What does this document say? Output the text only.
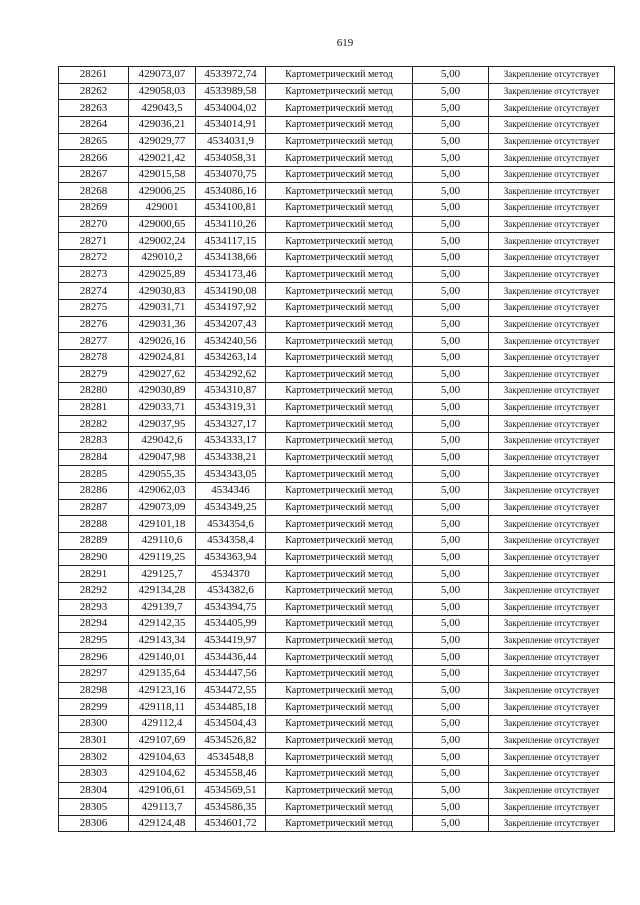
619
28261	429073,07	4533972,74	Картометрический метод	5,00	Закрепление отсутствует
28262	429058,03	4533989,58	Картометрический метод	5,00	Закрепление отсутствует
28263	429043,5	4534004,02	Картометрический метод	5,00	Закрепление отсутствует
28264	429036,21	4534014,91	Картометрический метод	5,00	Закрепление отсутствует
28265	429029,77	4534031,9	Картометрический метод	5,00	Закрепление отсутствует
28266	429021,42	4534058,31	Картометрический метод	5,00	Закрепление отсутствует
28267	429015,58	4534070,75	Картометрический метод	5,00	Закрепление отсутствует
28268	429006,25	4534086,16	Картометрический метод	5,00	Закрепление отсутствует
28269	429001	4534100,81	Картометрический метод	5,00	Закрепление отсутствует
28270	429000,65	4534110,26	Картометрический метод	5,00	Закрепление отсутствует
28271	429002,24	4534117,15	Картометрический метод	5,00	Закрепление отсутствует
28272	429010,2	4534138,66	Картометрический метод	5,00	Закрепление отсутствует
28273	429025,89	4534173,46	Картометрический метод	5,00	Закрепление отсутствует
28274	429030,83	4534190,08	Картометрический метод	5,00	Закрепление отсутствует
28275	429031,71	4534197,92	Картометрический метод	5,00	Закрепление отсутствует
28276	429031,36	4534207,43	Картометрический метод	5,00	Закрепление отсутствует
28277	429026,16	4534240,56	Картометрический метод	5,00	Закрепление отсутствует
28278	429024,81	4534263,14	Картометрический метод	5,00	Закрепление отсутствует
28279	429027,62	4534292,62	Картометрический метод	5,00	Закрепление отсутствует
28280	429030,89	4534310,87	Картометрический метод	5,00	Закрепление отсутствует
28281	429033,71	4534319,31	Картометрический метод	5,00	Закрепление отсутствует
28282	429037,95	4534327,17	Картометрический метод	5,00	Закрепление отсутствует
28283	429042,6	4534333,17	Картометрический метод	5,00	Закрепление отсутствует
28284	429047,98	4534338,21	Картометрический метод	5,00	Закрепление отсутствует
28285	429055,35	4534343,05	Картометрический метод	5,00	Закрепление отсутствует
28286	429062,03	4534346	Картометрический метод	5,00	Закрепление отсутствует
28287	429073,09	4534349,25	Картометрический метод	5,00	Закрепление отсутствует
28288	429101,18	4534354,6	Картометрический метод	5,00	Закрепление отсутствует
28289	429110,6	4534358,4	Картометрический метод	5,00	Закрепление отсутствует
28290	429119,25	4534363,94	Картометрический метод	5,00	Закрепление отсутствует
28291	429125,7	4534370	Картометрический метод	5,00	Закрепление отсутствует
28292	429134,28	4534382,6	Картометрический метод	5,00	Закрепление отсутствует
28293	429139,7	4534394,75	Картометрический метод	5,00	Закрепление отсутствует
28294	429142,35	4534405,99	Картометрический метод	5,00	Закрепление отсутствует
28295	429143,34	4534419,97	Картометрический метод	5,00	Закрепление отсутствует
28296	429140,01	4534436,44	Картометрический метод	5,00	Закрепление отсутствует
28297	429135,64	4534447,56	Картометрический метод	5,00	Закрепление отсутствует
28298	429123,16	4534472,55	Картометрический метод	5,00	Закрепление отсутствует
28299	429118,11	4534485,18	Картометрический метод	5,00	Закрепление отсутствует
28300	429112,4	4534504,43	Картометрический метод	5,00	Закрепление отсутствует
28301	429107,69	4534526,82	Картометрический метод	5,00	Закрепление отсутствует
28302	429104,63	4534548,8	Картометрический метод	5,00	Закрепление отсутствует
28303	429104,62	4534558,46	Картометрический метод	5,00	Закрепление отсутствует
28304	429106,61	4534569,51	Картометрический метод	5,00	Закрепление отсутствует
28305	429113,7	4534586,35	Картометрический метод	5,00	Закрепление отсутствует
28306	429124,48	4534601,72	Картометрический метод	5,00	Закрепление отсутствует
